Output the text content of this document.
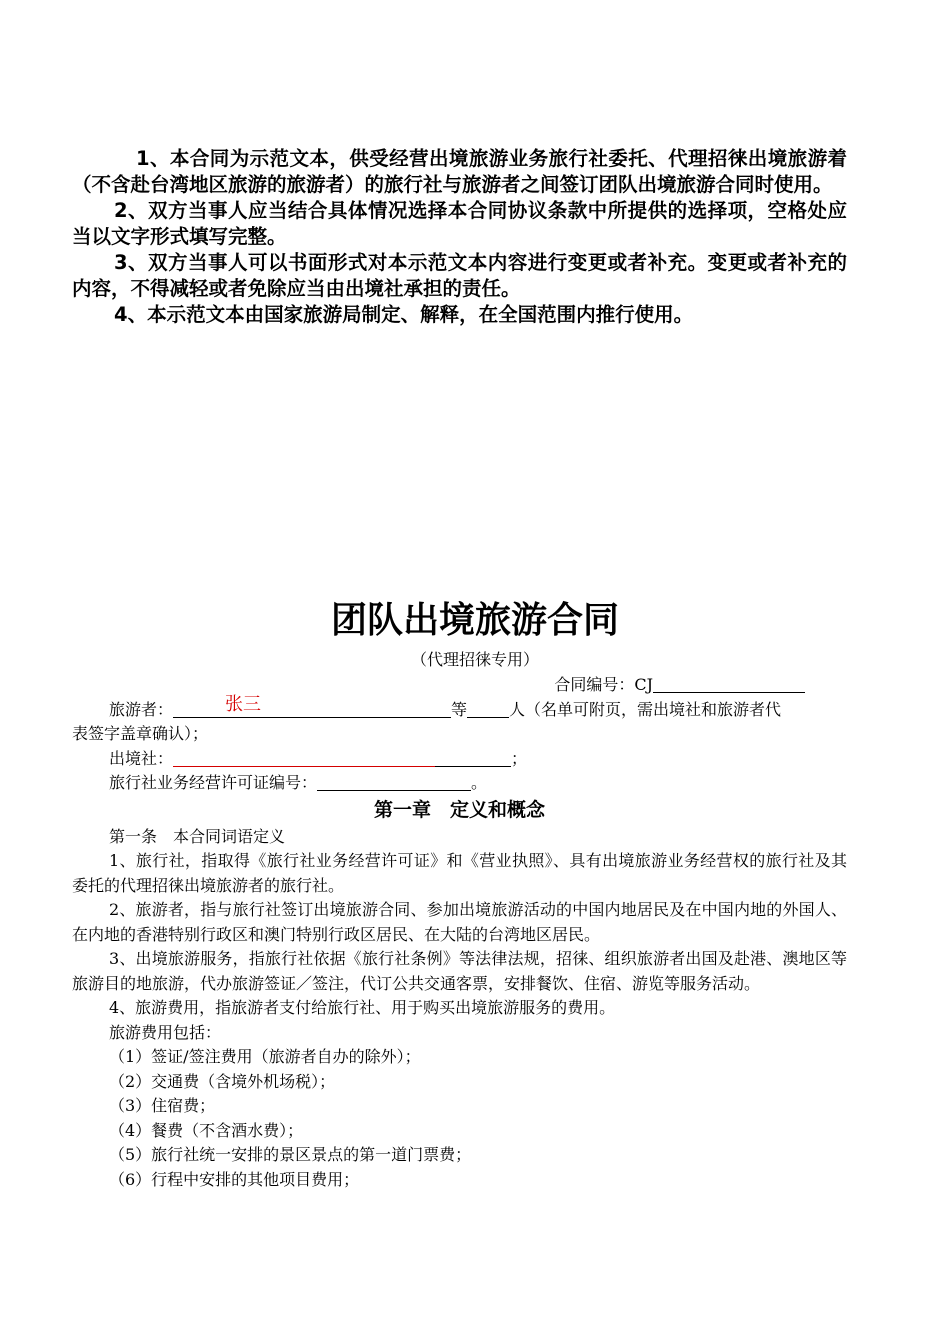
1、本合同为示范文本，供受经营出境旅游业务旅行社委托、代理招徕出境旅游着（不含赴台湾地区旅游的旅游者）的旅行社与旅游者之间签订团队出境旅游合同时使用。

2、双方当事人应当结合具体情况选择本合同协议条款中所提供的选择项，空格处应当以文字形式填写完整。

3、双方当事人可以书面形式对本示范文本内容进行变更或者补充。变更或者补充的内容，不得减轻或者免除应当由出境社承担的责任。

4、本示范文本由国家旅游局制定、解释，在全国范围内推行使用。

团队出境旅游合同
（代理招徕专用）
合同编号：CJ
旅游者：	张三	等	人（名单可附页，需出境社和旅游者代
表签字盖章确认）；
出境社：	；
旅行社业务经营许可证编号：	。
第一章　定义和概念
第一条　本合同词语定义
1、旅行社，指取得《旅行社业务经营许可证》和《营业执照》、具有出境旅游业务经营权的旅行社及其委托的代理招徕出境旅游者的旅行社。
2、旅游者，指与旅行社签订出境旅游合同、参加出境旅游活动的中国内地居民及在中国内地的外国人、在内地的香港特别行政区和澳门特别行政区居民、在大陆的台湾地区居民。
3、出境旅游服务，指旅行社依据《旅行社条例》等法律法规，招徕、组织旅游者出国及赴港、澳地区等旅游目的地旅游，代办旅游签证／签注，代订公共交通客票，安排餐饮、住宿、游览等服务活动。
4、旅游费用，指旅游者支付给旅行社、用于购买出境旅游服务的费用。
旅游费用包括：
（1）签证/签注费用（旅游者自办的除外）；
（2）交通费（含境外机场税）；
（3）住宿费；
（4）餐费（不含酒水费）；
（5）旅行社统一安排的景区景点的第一道门票费；
（6）行程中安排的其他项目费用；
